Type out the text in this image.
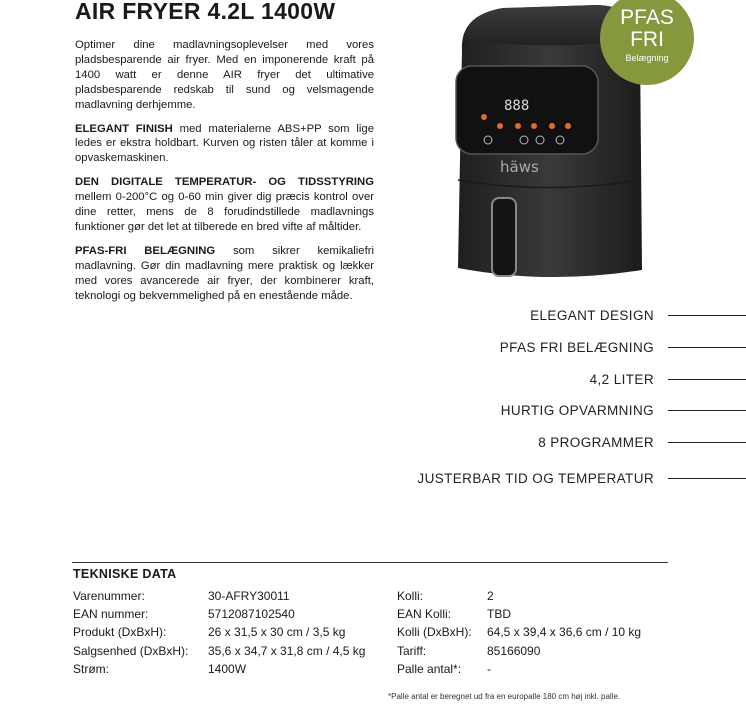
AIR FRYER 4.2L 1400W

Optimer dine madlavningsoplevelser med vores pladsbesparende air fryer. Med en imponerende kraft på 1400 watt er denne AIR fryer det ultimative pladsbesparende redskab til sund og velsmagende madlavning derhjemme.

ELEGANT FINISH med materialerne ABS+PP som lige ledes er ekstra holdbart. Kurven og risten tåler at komme i opvaskemaskinen.

DEN DIGITALE TEMPERATUR- OG TIDSSTYRING mellem 0-200°C og 0-60 min giver dig præcis kontrol over dine retter, mens de 8 forudindstillede madlavnings funktioner gør det let at tilberede en bred vifte af måltider.

PFAS-FRI BELÆGNING som sikrer kemikaliefri madlavning. Gør din madlavning mere praktisk og lækker med vores avancerede air fryer, der kombinerer kraft, teknologi og bekvemmelighed på en enestående måde.

888
häws
PFAS
FRI
Belægning
ELEGANT DESIGN
PFAS FRI BELÆGNING
4,2 LITER
HURTIG OPVARMNING
8 PROGRAMMER
JUSTERBAR TID OG TEMPERATUR
TEKNISKE DATA
Varenummer:	30-AFRY30011
EAN nummer:	5712087102540
Produkt (DxBxH):	26 x 31,5 x 30 cm / 3,5 kg
Salgsenhed (DxBxH):	35,6 x 34,7 x 31,8 cm / 4,5 kg
Strøm:	1400W
Kolli:	2
EAN Kolli:	TBD
Kolli (DxBxH):	64,5 x 39,4 x 36,6 cm / 10 kg
Tariff:	85166090
Palle antal*:	-
*Palle antal er beregnet ud fra en europalle 180 cm høj inkl. palle.
